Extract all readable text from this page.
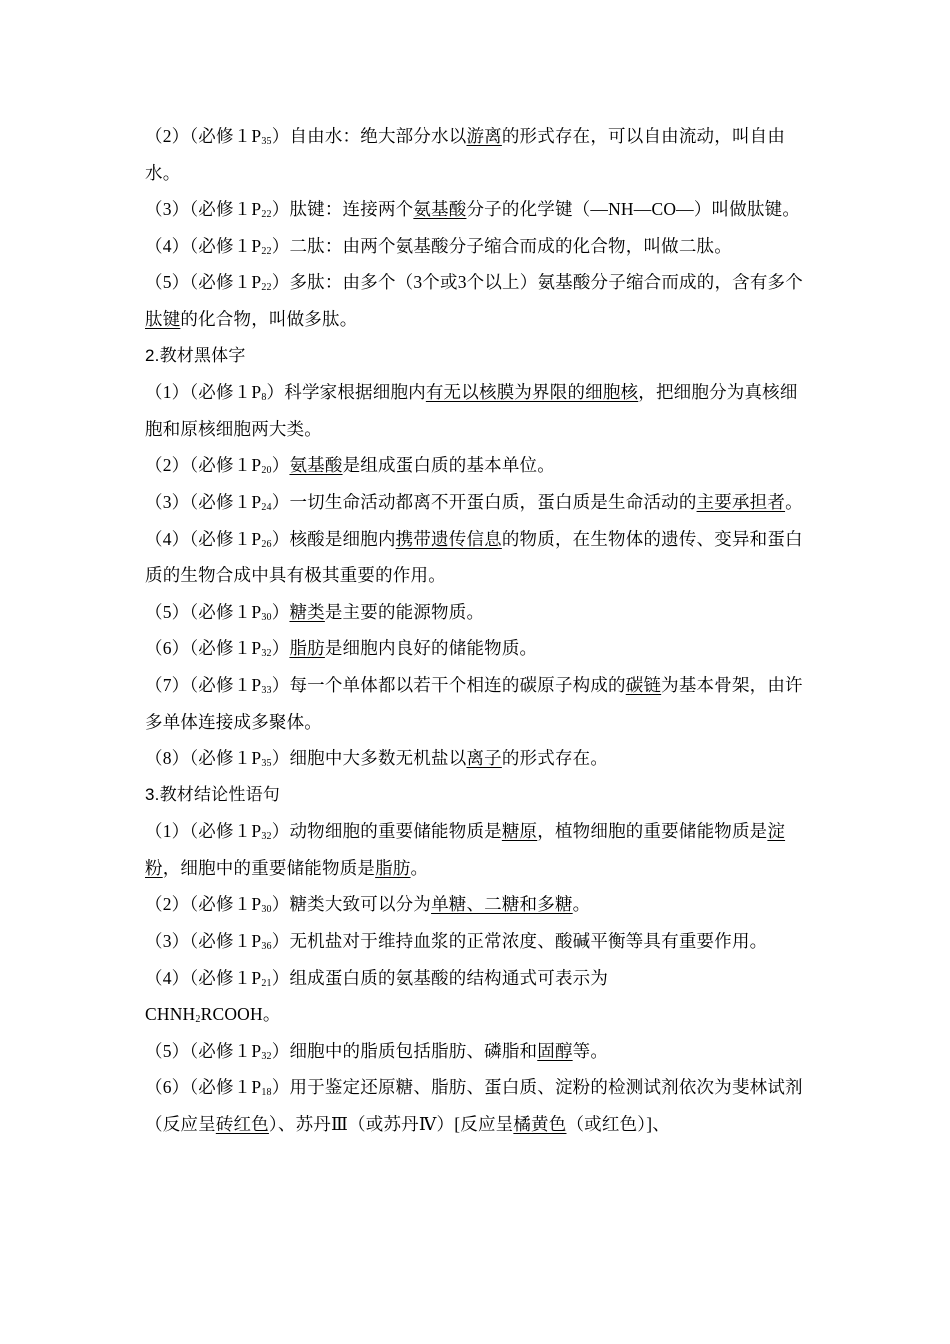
（2）（必修$1P_{35}$）自由水：绝大部分水以游离的形式存在，可以自由流动，叫自由水。

（3）（必修$1P_{22}$）肽键：连接两个氨基酸分子的化学键（—NH—CO—）叫做肽键。

（4）（必修$1P_{22}$）二肽：由两个氨基酸分子缩合而成的化合物，叫做二肽。

（5）（必修$1P_{22}$）多肽：由多个（3个或3个以上）氨基酸分子缩合而成的，含有多个肽键的化合物，叫做多肽。

2.教材黑体字

（1）（必修$1P_8$）科学家根据细胞内有无以核膜为界限的细胞核，把细胞分为真核细胞和原核细胞两大类。

（2）（必修$1P_{20}$）氨基酸是组成蛋白质的基本单位。

（3）（必修$1P_{24}$）一切生命活动都离不开蛋白质，蛋白质是生命活动的主要承担者。

（4）（必修$1P_{26}$）核酸是细胞内携带遗传信息的物质，在生物体的遗传、变异和蛋白质的生物合成中具有极其重要的作用。

（5）（必修$1P_{30}$）糖类是主要的能源物质。

（6）（必修$1P_{32}$）脂肪是细胞内良好的储能物质。

（7）（必修$1P_{33}$）每一个单体都以若干个相连的碳原子构成的碳链为基本骨架，由许多单体连接成多聚体。

（8）（必修$1P_{35}$）细胞中大多数无机盐以离子的形式存在。

3.教材结论性语句

（1）（必修$1P_{32}$）动物细胞的重要储能物质是糖原，植物细胞的重要储能物质是淀粉，细胞中的重要储能物质是脂肪。

（2）（必修$1P_{30}$）糖类大致可以分为单糖、二糖和多糖。

（3）（必修$1P_{36}$）无机盐对于维持血浆的正常浓度、酸碱平衡等具有重要作用。

（4）（必修$1P_{21}$）组成蛋白质的氨基酸的结构通式可表示为

$CHNH_2RCOOH$。

（5）（必修$1P_{32}$）细胞中的脂质包括脂肪、磷脂和固醇等。

（6）（必修$1P_{18}$）用于鉴定还原糖、脂肪、蛋白质、淀粉的检测试剂依次为斐林试剂（反应呈砖红色）、苏丹Ⅲ（或苏丹Ⅳ）[反应呈橘黄色（或红色）]、
